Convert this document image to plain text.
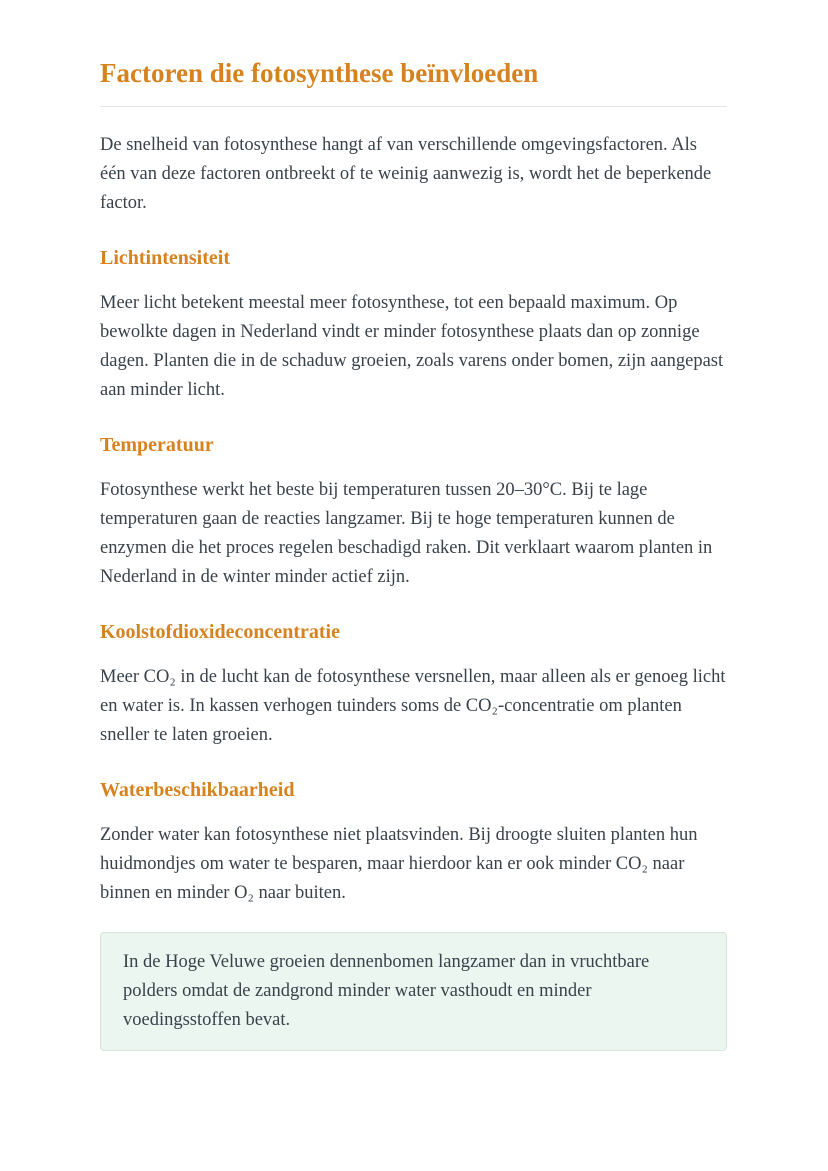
Factoren die fotosynthese beïnvloeden

De snelheid van fotosynthese hangt af van verschillende omgevingsfactoren. Als één van deze factoren ontbreekt of te weinig aanwezig is, wordt het de beperkende factor.

Lichtintensiteit

Meer licht betekent meestal meer fotosynthese, tot een bepaald maximum. Op bewolkte dagen in Nederland vindt er minder fotosynthese plaats dan op zonnige dagen. Planten die in de schaduw groeien, zoals varens onder bomen, zijn aangepast aan minder licht.

Temperatuur

Fotosynthese werkt het beste bij temperaturen tussen 20–30°C. Bij te lage temperaturen gaan de reacties langzamer. Bij te hoge temperaturen kunnen de enzymen die het proces regelen beschadigd raken. Dit verklaart waarom planten in Nederland in de winter minder actief zijn.

Koolstofdioxideconcentratie

Meer CO₂ in de lucht kan de fotosynthese versnellen, maar alleen als er genoeg licht en water is. In kassen verhogen tuinders soms de CO₂-concentratie om planten sneller te laten groeien.

Waterbeschikbaarheid

Zonder water kan fotosynthese niet plaatsvinden. Bij droogte sluiten planten hun huidmondjes om water te besparen, maar hierdoor kan er ook minder CO₂ naar binnen en minder O₂ naar buiten.

In de Hoge Veluwe groeien dennenbomen langzamer dan in vruchtbare polders omdat de zandgrond minder water vasthoudt en minder voedingsstoffen bevat.
